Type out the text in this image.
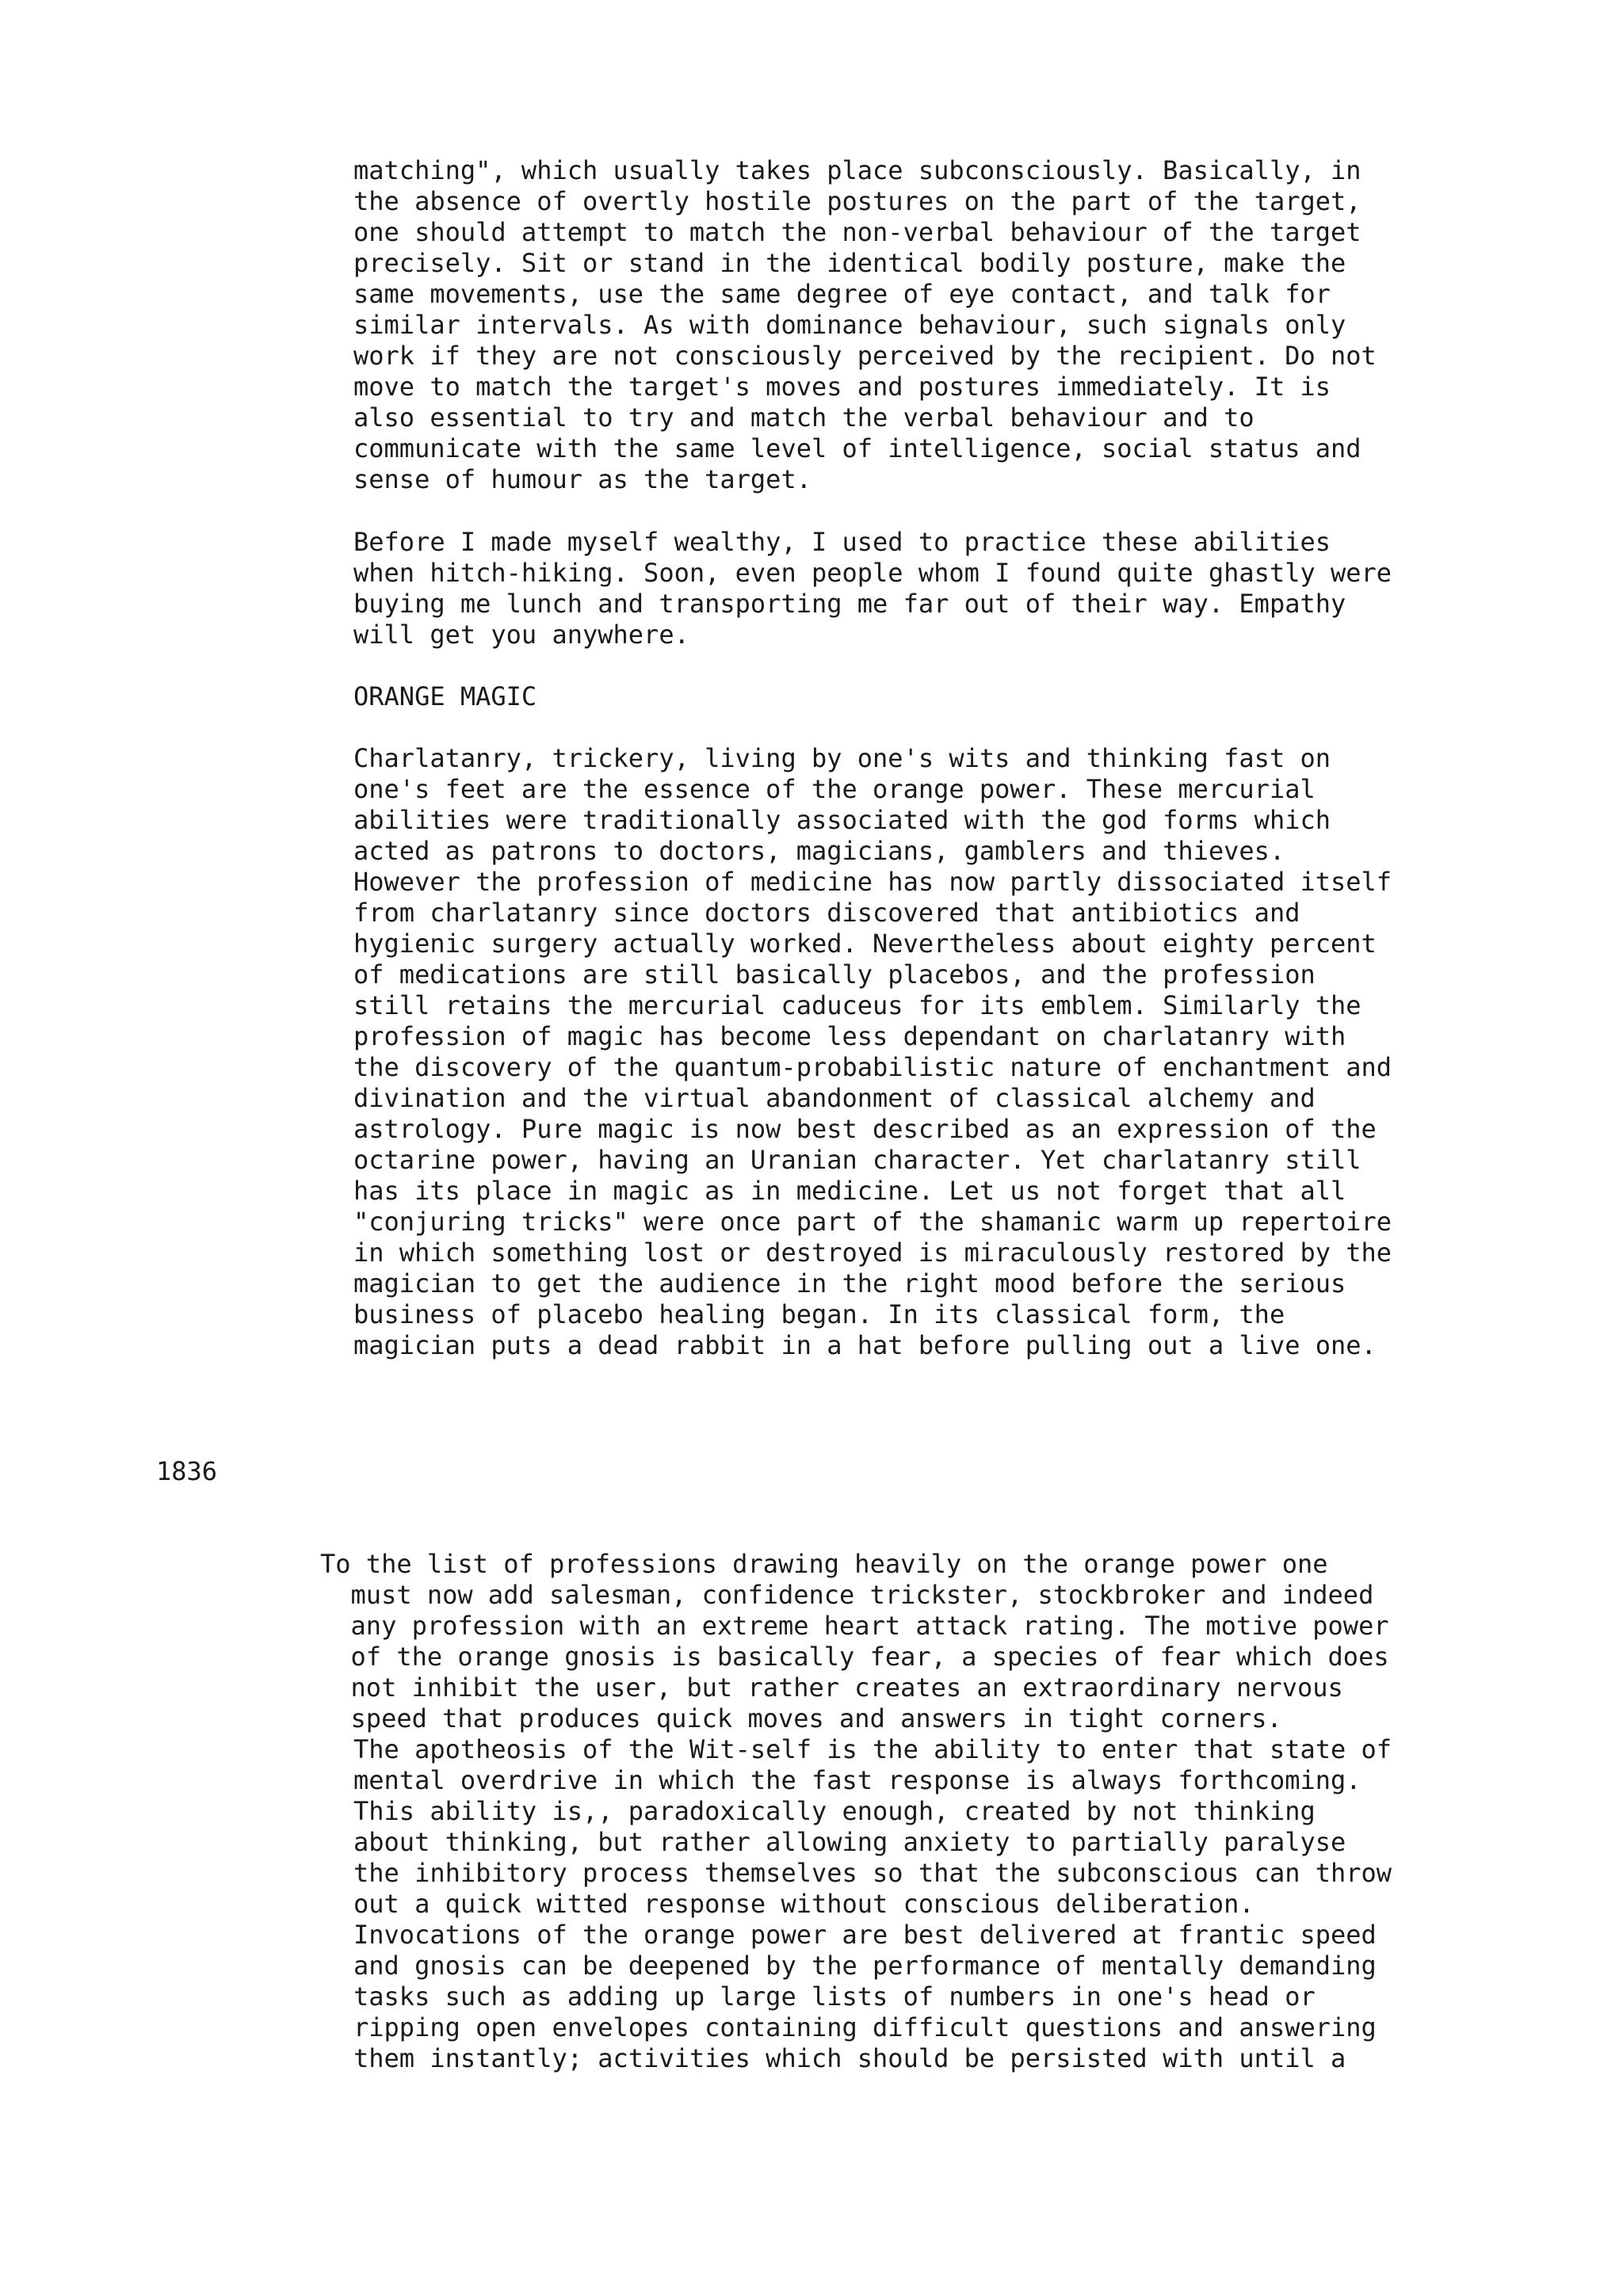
matching", which usually takes place subconsciously. Basically, in
the absence of overtly hostile postures on the part of the target,
one should attempt to match the non-verbal behaviour of the target
precisely. Sit or stand in the identical bodily posture, make the
same movements, use the same degree of eye contact, and talk for
similar intervals. As with dominance behaviour, such signals only
work if they are not consciously perceived by the recipient. Do not
move to match the target's moves and postures immediately. It is
also essential to try and match the verbal behaviour and to
communicate with the same level of intelligence, social status and
sense of humour as the target.
Before I made myself wealthy, I used to practice these abilities
when hitch-hiking. Soon, even people whom I found quite ghastly were
buying me lunch and transporting me far out of their way. Empathy
will get you anywhere.
ORANGE MAGIC
Charlatanry, trickery, living by one's wits and thinking fast on
one's feet are the essence of the orange power. These mercurial
abilities were traditionally associated with the god forms which
acted as patrons to doctors, magicians, gamblers and thieves.
However the profession of medicine has now partly dissociated itself
from charlatanry since doctors discovered that antibiotics and
hygienic surgery actually worked. Nevertheless about eighty percent
of medications are still basically placebos, and the profession
still retains the mercurial caduceus for its emblem. Similarly the
profession of magic has become less dependant on charlatanry with
the discovery of the quantum-probabilistic nature of enchantment and
divination and the virtual abandonment of classical alchemy and
astrology. Pure magic is now best described as an expression of the
octarine power, having an Uranian character. Yet charlatanry still
has its place in magic as in medicine. Let us not forget that all
"conjuring tricks" were once part of the shamanic warm up repertoire
in which something lost or destroyed is miraculously restored by the
magician to get the audience in the right mood before the serious
business of placebo healing began. In its classical form, the
magician puts a dead rabbit in a hat before pulling out a live one.
1836
To the list of professions drawing heavily on the orange power one
must now add salesman, confidence trickster, stockbroker and indeed
any profession with an extreme heart attack rating. The motive power
of the orange gnosis is basically fear, a species of fear which does
not inhibit the user, but rather creates an extraordinary nervous
speed that produces quick moves and answers in tight corners.
The apotheosis of the Wit-self is the ability to enter that state of
mental overdrive in which the fast response is always forthcoming.
This ability is,, paradoxically enough, created by not thinking
about thinking, but rather allowing anxiety to partially paralyse
the inhibitory process themselves so that the subconscious can throw
out a quick witted response without conscious deliberation.
Invocations of the orange power are best delivered at frantic speed
and gnosis can be deepened by the performance of mentally demanding
tasks such as adding up large lists of numbers in one's head or
ripping open envelopes containing difficult questions and answering
them instantly; activities which should be persisted with until a
